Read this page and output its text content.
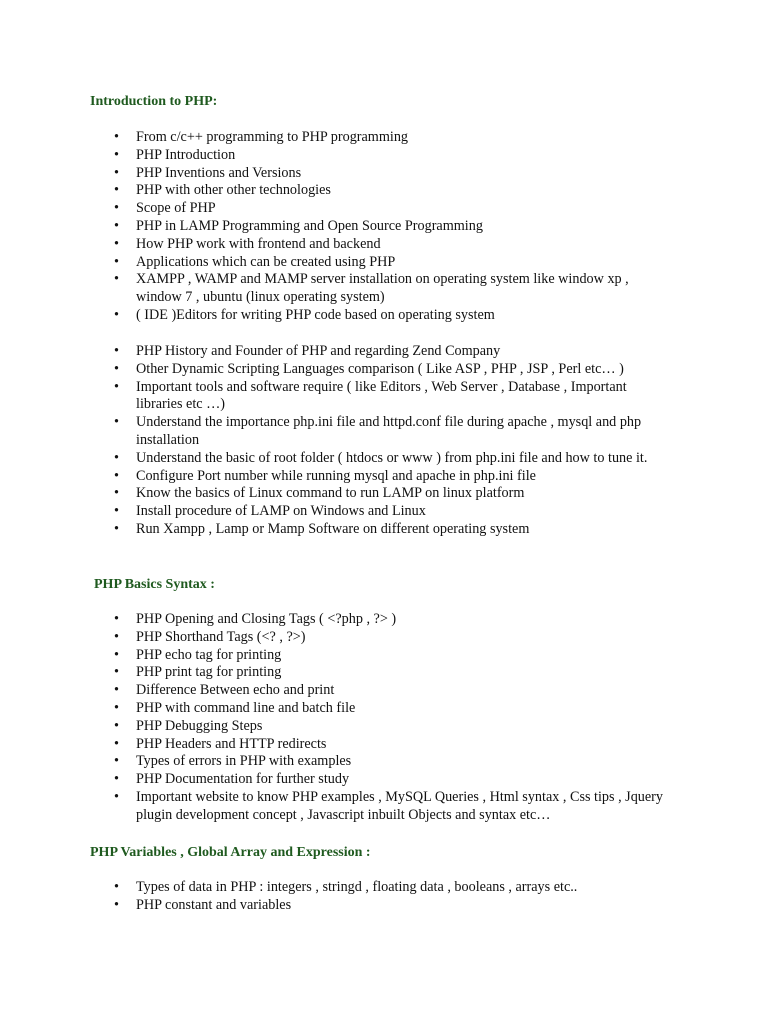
Introduction to PHP:
• From c/c++ programming to PHP programming
• PHP Introduction
• PHP Inventions and Versions
• PHP with other other technologies
• Scope of PHP
• PHP in LAMP Programming and Open Source Programming
• How PHP work with frontend and backend
• Applications which can be created using PHP
• XAMPP , WAMP and MAMP server installation on operating system like window xp , window 7 , ubuntu (linux operating system)
• ( IDE )Editors for writing PHP code based on operating system
• PHP History and Founder of PHP and regarding Zend Company
• Other Dynamic Scripting Languages comparison ( Like ASP , PHP , JSP , Perl etc… )
• Important tools and software require ( like Editors , Web Server , Database , Important libraries etc …)
• Understand the importance php.ini file and httpd.conf file during apache , mysql and php installation
• Understand the basic of root folder ( htdocs or www ) from php.ini file and how to tune it.
• Configure Port number while running mysql and apache in php.ini file
• Know the basics of Linux command to run LAMP on linux platform
• Install procedure of LAMP on Windows and Linux
• Run Xampp , Lamp or Mamp Software on different operating system
PHP Basics Syntax :
• PHP Opening and Closing Tags ( <?php , ?> )
• PHP Shorthand Tags (<? , ?>)
• PHP echo tag for printing
• PHP print tag for printing
• Difference Between echo and print
• PHP with command line and batch file
• PHP Debugging Steps
• PHP Headers and HTTP redirects
• Types of errors in PHP with examples
• PHP Documentation for further study
• Important website to know PHP examples , MySQL Queries , Html syntax , Css tips , Jquery plugin development concept , Javascript inbuilt Objects and syntax etc…
PHP Variables , Global Array and Expression :
• Types of data in PHP : integers , stringd , floating data , booleans , arrays etc..
• PHP constant and variables
